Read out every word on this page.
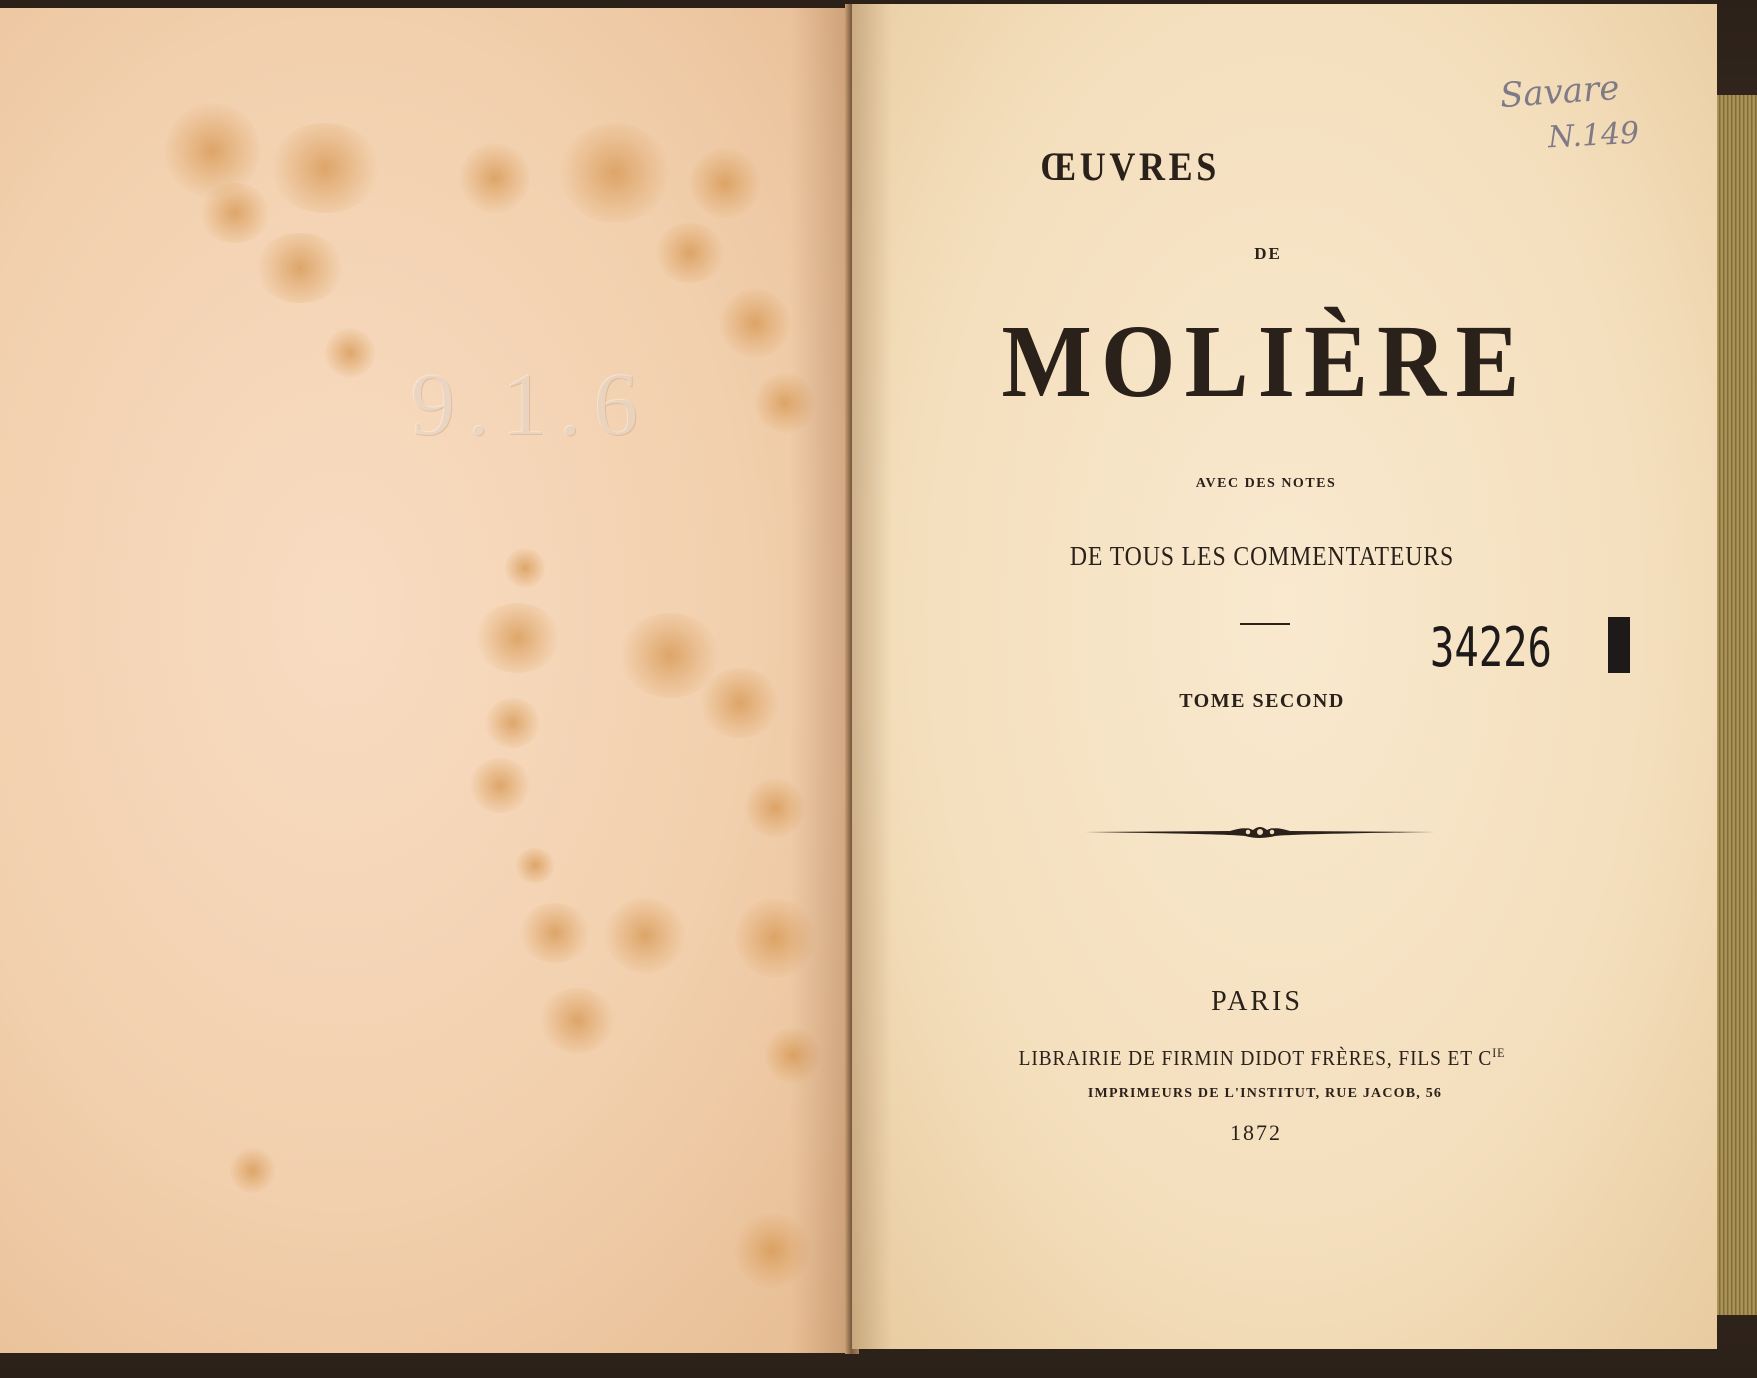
9.1.6
Savare
N.149
ŒUVRES
DE
MOLIÈRE
AVEC DES NOTES
DE TOUS LES COMMENTATEURS
34226
TOME SECOND
PARIS
LIBRAIRIE DE FIRMIN DIDOT FRÈRES, FILS ET $C^{IE}$
IMPRIMEURS DE L'INSTITUT, RUE JACOB, 56
1872
